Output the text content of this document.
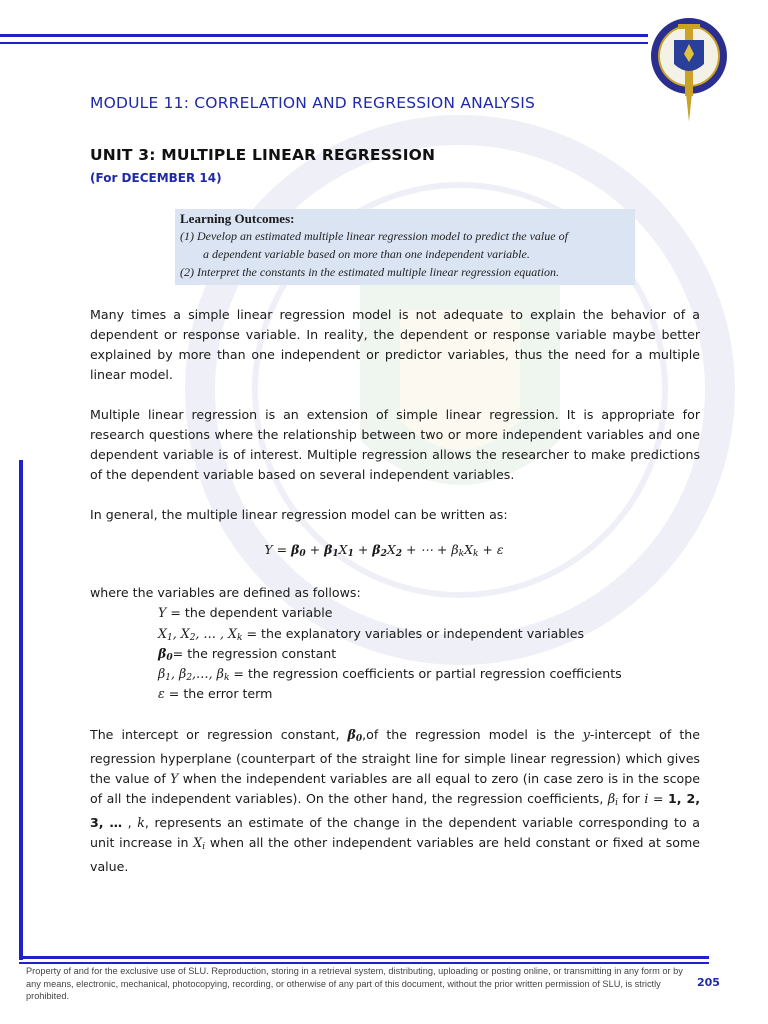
MODULE 11: CORRELATION AND REGRESSION ANALYSIS
UNIT 3: MULTIPLE LINEAR REGRESSION
(For DECEMBER 14)
Learning Outcomes:
(1) Develop an estimated multiple linear regression model to predict the value of
a dependent variable based on more than one independent variable.
(2) Interpret the constants in the estimated multiple linear regression equation.
Many times a simple linear regression model is not adequate to explain the behavior of a dependent or response variable. In reality, the dependent or response variable maybe better explained by more than one independent or predictor variables, thus the need for a multiple linear model.
Multiple linear regression is an extension of simple linear regression. It is appropriate for research questions where the relationship between two or more independent variables and one dependent variable is of interest. Multiple regression allows the researcher to make predictions of the dependent variable based on several independent variables.
In general, the multiple linear regression model can be written as:
$Y = \beta_0 + \beta_1X_1 + \beta_2X_2$ + ⋯ + $\beta_kX_k + \varepsilon$
where the variables are defined as follows:
Y = the dependent variable
$X_1$, $X_2$, … , $X_k$ = the explanatory variables or independent variables
$\beta_0=$ the regression constant
$\beta_1$, $\beta_2,\dots$, $\beta_k$ = the regression coefficients or partial regression coefficients
ε = the error term
The intercept or regression constant, $\beta_0,of$ the regression model is the y-intercept of the regression hyperplane (counterpart of the straight line for simple linear regression) which gives the value of Y when the independent variables are all equal to zero (in case zero is in the scope of all the independent variables). On the other hand, the regression coefficients, $\beta_i$ for i = 1, 2, 3, … , k, represents an estimate of the change in the dependent variable corresponding to a unit increase in $X_i$ when all the other independent variables are held constant or fixed at some value.
Property of and for the exclusive use of SLU. Reproduction, storing in a retrieval system, distributing, uploading or posting online, or transmitting in any form or by any means, electronic, mechanical, photocopying, recording, or otherwise of any part of this document, without the prior written permission of SLU, is strictly prohibited.
205
